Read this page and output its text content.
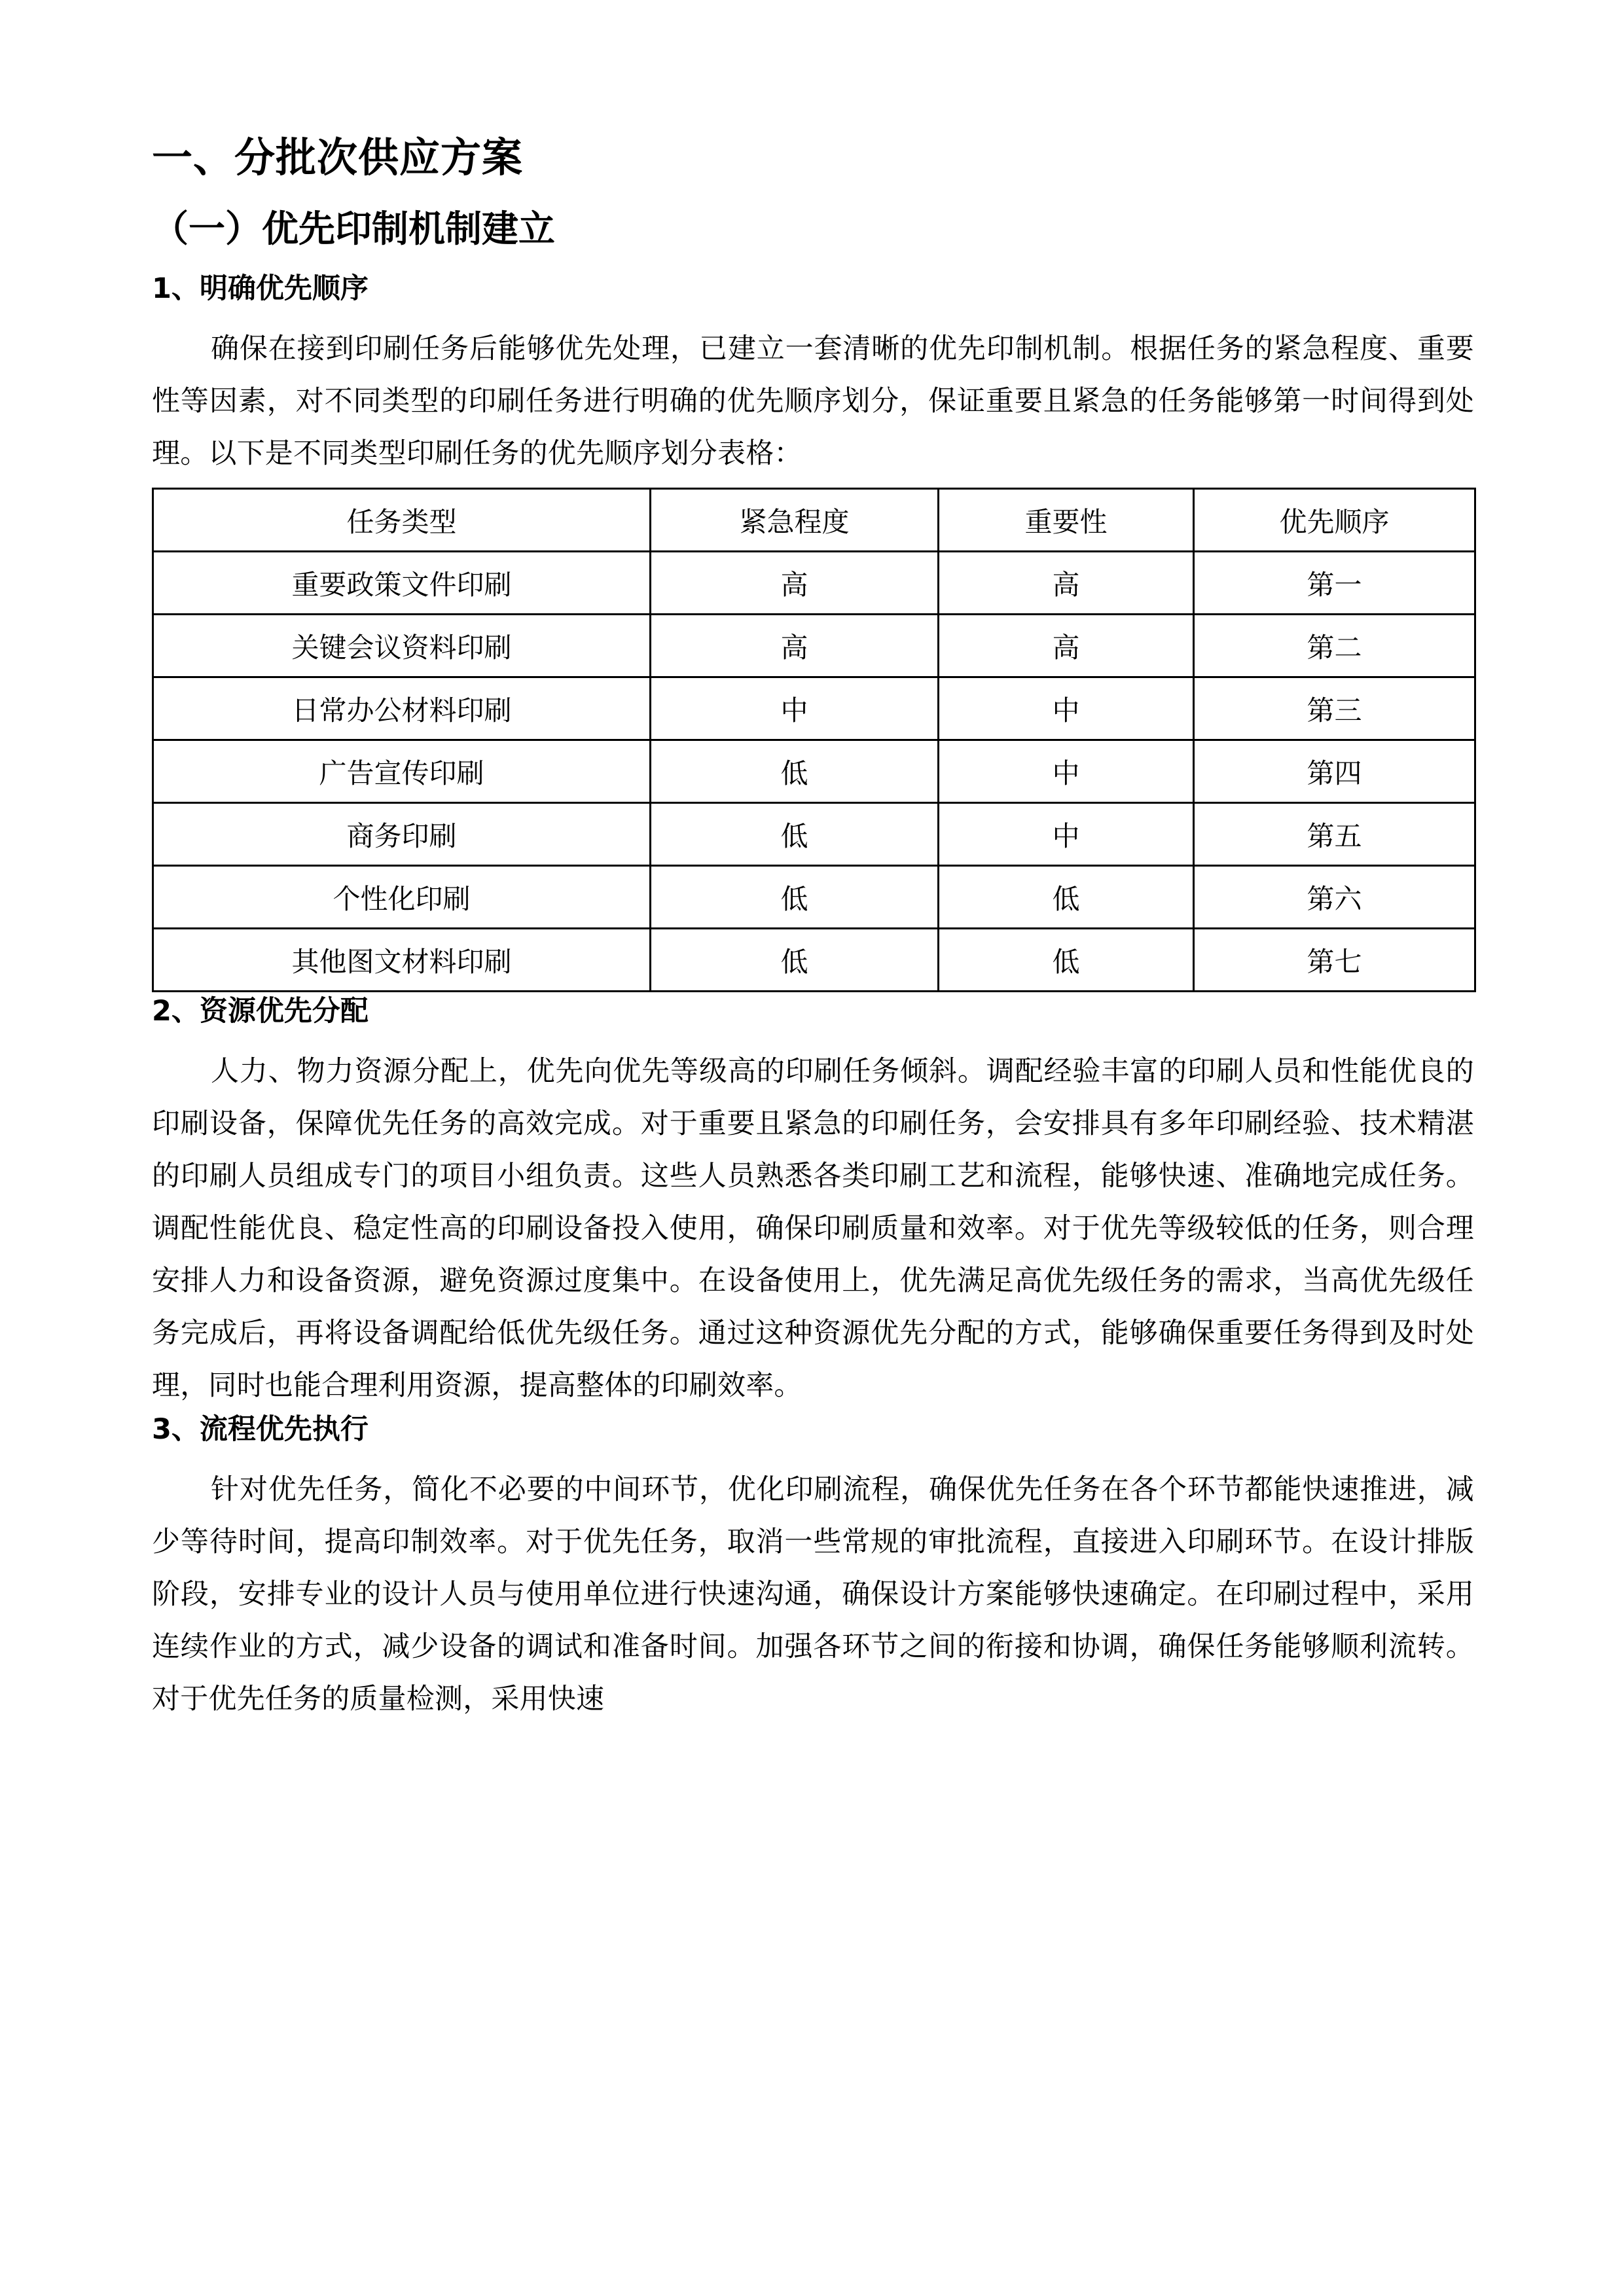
一、分批次供应方案
（一）优先印制机制建立
1、明确优先顺序

确保在接到印刷任务后能够优先处理，已建立一套清晰的优先印制机制。根据任务的紧急程度、重要性等因素，对不同类型的印刷任务进行明确的优先顺序划分，保证重要且紧急的任务能够第一时间得到处理。以下是不同类型印刷任务的优先顺序划分表格：

任务类型	紧急程度	重要性	优先顺序
重要政策文件印刷	高	高	第一
关键会议资料印刷	高	高	第二
日常办公材料印刷	中	中	第三
广告宣传印刷	低	中	第四
商务印刷	低	中	第五
个性化印刷	低	低	第六
其他图文材料印刷	低	低	第七
2、资源优先分配

人力、物力资源分配上，优先向优先等级高的印刷任务倾斜。调配经验丰富的印刷人员和性能优良的印刷设备，保障优先任务的高效完成。对于重要且紧急的印刷任务，会安排具有多年印刷经验、技术精湛的印刷人员组成专门的项目小组负责。这些人员熟悉各类印刷工艺和流程，能够快速、准确地完成任务。调配性能优良、稳定性高的印刷设备投入使用，确保印刷质量和效率。对于优先等级较低的任务，则合理安排人力和设备资源，避免资源过度集中。在设备使用上，优先满足高优先级任务的需求，当高优先级任务完成后，再将设备调配给低优先级任务。通过这种资源优先分配的方式，能够确保重要任务得到及时处理，同时也能合理利用资源，提高整体的印刷效率。

3、流程优先执行

针对优先任务，简化不必要的中间环节，优化印刷流程，确保优先任务在各个环节都能快速推进，减少等待时间，提高印制效率。对于优先任务，取消一些常规的审批流程，直接进入印刷环节。在设计排版阶段，安排专业的设计人员与使用单位进行快速沟通，确保设计方案能够快速确定。在印刷过程中，采用连续作业的方式，减少设备的调试和准备时间。加强各环节之间的衔接和协调，确保任务能够顺利流转。对于优先任务的质量检测，采用快速
